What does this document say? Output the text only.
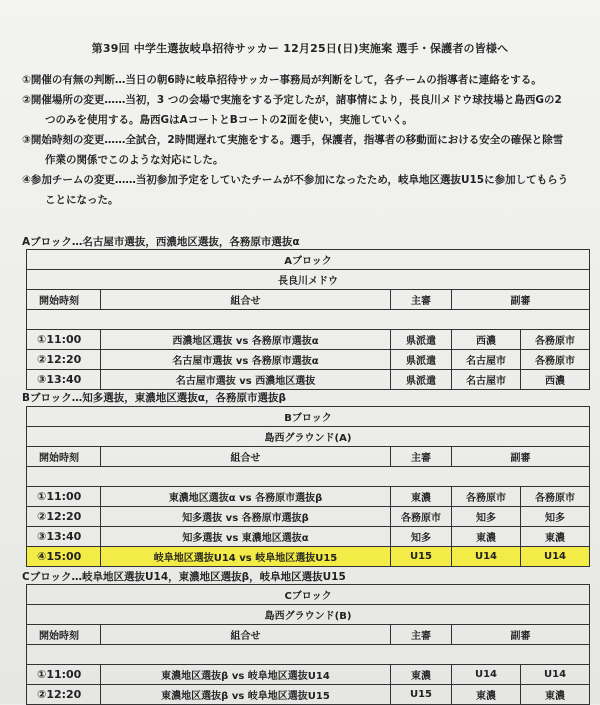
第39回 中学生選抜岐阜招待サッカー 12月25日(日)実施案 選手・保護者の皆様へ
①開催の有無の判断…当日の朝6時に岐阜招待サッカー事務局が判断をして，各チームの指導者に連絡をする。
②開催場所の変更……当初，3 つの会場で実施をする予定したが，諸事情により，長良川メドウ球技場と島西Gの2
つのみを使用する。島西GはAコートとBコートの2面を使い，実施していく。
③開始時刻の変更……全試合，2時間遅れて実施をする。選手，保護者，指導者の移動面における安全の確保と除雪
作業の関係でこのような対応にした。
④参加チームの変更……当初参加予定をしていたチームが不参加になったため，岐阜地区選抜U15に参加してもらう
ことになった。
Aブロック…名古屋市選抜，西濃地区選抜，各務原市選抜α
Aブロック				
長良川メドウ				
開始時刻	組合せ	主審	副審	

①11:00	西濃地区選抜 vs 各務原市選抜α	県派遣	西濃	各務原市
②12:20	名古屋市選抜 vs 各務原市選抜α	県派遣	名古屋市	各務原市
③13:40	名古屋市選抜 vs 西濃地区選抜	県派遣	名古屋市	西濃
Bブロック…知多選抜，東濃地区選抜α，各務原市選抜β
Bブロック				
島西グラウンド(A)				
開始時刻	組合せ	主審	副審	

①11:00	東濃地区選抜α vs 各務原市選抜β	東濃	各務原市	各務原市
②12:20	知多選抜 vs 各務原市選抜β	各務原市	知多	知多
③13:40	知多選抜 vs 東濃地区選抜α	知多	東濃	東濃
④15:00	岐阜地区選抜U14 vs 岐阜地区選抜U15	U15	U14	U14
Cブロック…岐阜地区選抜U14，東濃地区選抜β，岐阜地区選抜U15
Cブロック				
島西グラウンド(B)				
開始時刻	組合せ	主審	副審	

①11:00	東濃地区選抜β vs 岐阜地区選抜U14	東濃	U14	U14
②12:20	東濃地区選抜β vs 岐阜地区選抜U15	U15	東濃	東濃
